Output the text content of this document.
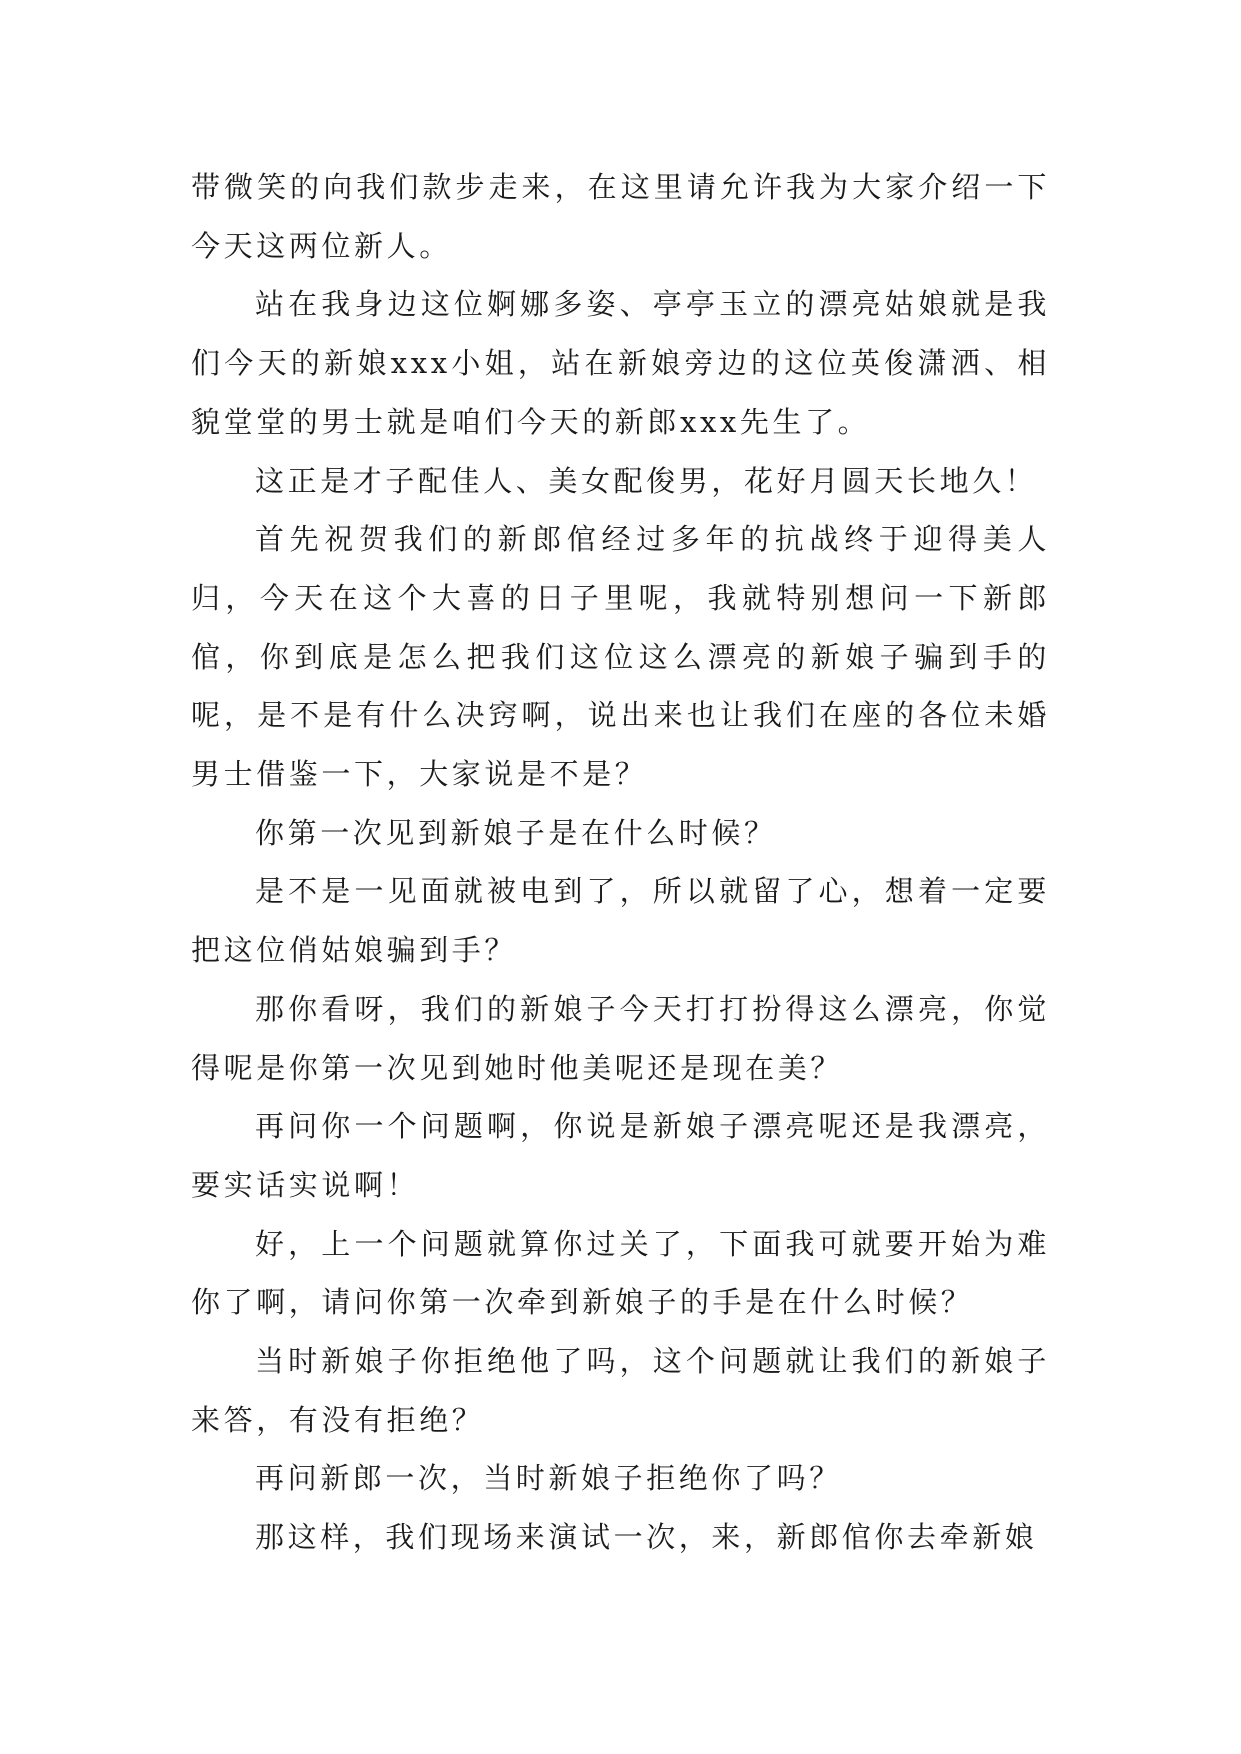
带微笑的向我们款步走来，在这里请允许我为大家介绍一下今天这两位新人。

站在我身边这位婀娜多姿、亭亭玉立的漂亮姑娘就是我们今天的新娘xxx小姐，站在新娘旁边的这位英俊潇洒、相貌堂堂的男士就是咱们今天的新郎xxx先生了。

这正是才子配佳人、美女配俊男，花好月圆天长地久！

首先祝贺我们的新郎倌经过多年的抗战终于迎得美人归，今天在这个大喜的日子里呢，我就特别想问一下新郎倌，你到底是怎么把我们这位这么漂亮的新娘子骗到手的呢，是不是有什么决窍啊，说出来也让我们在座的各位未婚男士借鉴一下，大家说是不是？

你第一次见到新娘子是在什么时候？

是不是一见面就被电到了，所以就留了心，想着一定要把这位俏姑娘骗到手？

那你看呀，我们的新娘子今天打打扮得这么漂亮，你觉得呢是你第一次见到她时他美呢还是现在美？

再问你一个问题啊，你说是新娘子漂亮呢还是我漂亮，要实话实说啊！

好，上一个问题就算你过关了，下面我可就要开始为难你了啊，请问你第一次牵到新娘子的手是在什么时候？

当时新娘子你拒绝他了吗，这个问题就让我们的新娘子来答，有没有拒绝？

再问新郎一次，当时新娘子拒绝你了吗？

那这样，我们现场来演试一次，来，新郎倌你去牵新娘
